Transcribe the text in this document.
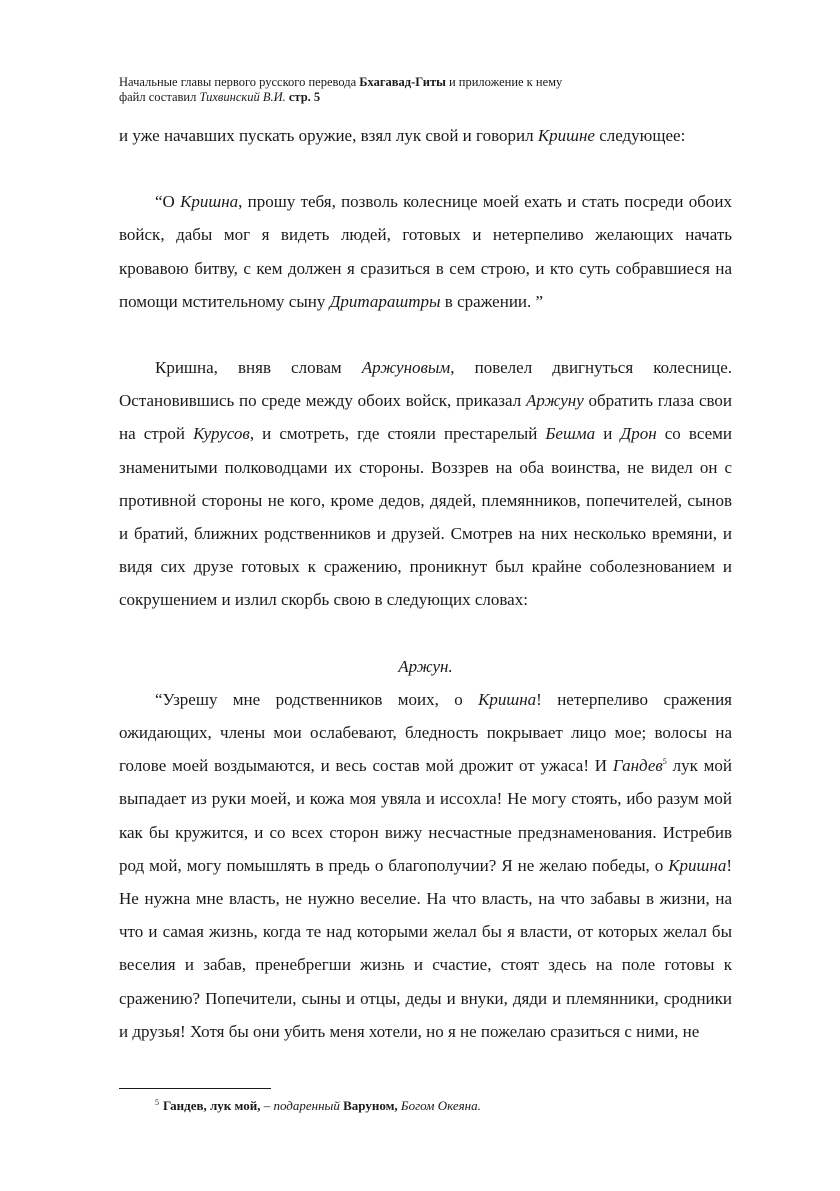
Начальные главы первого русского перевода Бхагавад-Гиты и приложение к нему
файл составил Тихвинский В.И. стр. 5

и уже начавших пускать оружие, взял лук свой и говорил Кришне следующее:

“О Кришна, прошу тебя, позволь колеснице моей ехать и стать посреди обоих войск, дабы мог я видеть людей, готовых и нетерпеливо желающих начать кровавою битву, с кем должен я сразиться в сем строю, и кто суть собравшиеся на помощи мстительному сыну Дритараштры в сражении. ”

Кришна, вняв словам Аржуновым, повелел двигнуться колеснице. Остановившись по среде между обоих войск, приказал Аржуну обратить глаза свои на строй Курусов, и смотреть, где стояли престарелый Бешма и Дрон со всеми знаменитыми полководцами их стороны. Воззрев на оба воинства, не видел он с противной стороны не кого, кроме дедов, дядей, племянников, попечителей, сынов и братий, ближних родственников и друзей. Смотрев на них несколько времяни, и видя сих друзе готовых к сражению, проникнут был крайне соболезнованием и сокрушением и излил скорбь свою в следующих словах:

Аржун.

“Узрешу мне родственников моих, о Кришна! нетерпеливо сражения ожидающих, члены мои ослабевают, бледность покрывает лицо мое; волосы на голове моей воздымаются, и весь состав мой дрожит от ужаса! И Гандев$^5$ лук мой выпадает из руки моей, и кожа моя увяла и иссохла! Не могу стоять, ибо разум мой как бы кружится, и со всех сторон вижу несчастные предзнаменования. Истребив род мой, могу помышлять в предь о благополучии? Я не желаю победы, о Кришна! Не нужна мне власть, не нужно веселие. На что власть, на что забавы в жизни, на что и самая жизнь, когда те над которыми желал бы я власти, от которых желал бы веселия и забав, пренебрегши жизнь и счастие, стоят здесь на поле готовы к сражению? Попечители, сыны и отцы, деды и внуки, дяди и племянники, сродники и друзья! Хотя бы они убить меня хотели, но я не пожелаю сразиться с ними, не

$^5$ Гандев, лук мой, – подаренный Варуном, Богом Океяна.
